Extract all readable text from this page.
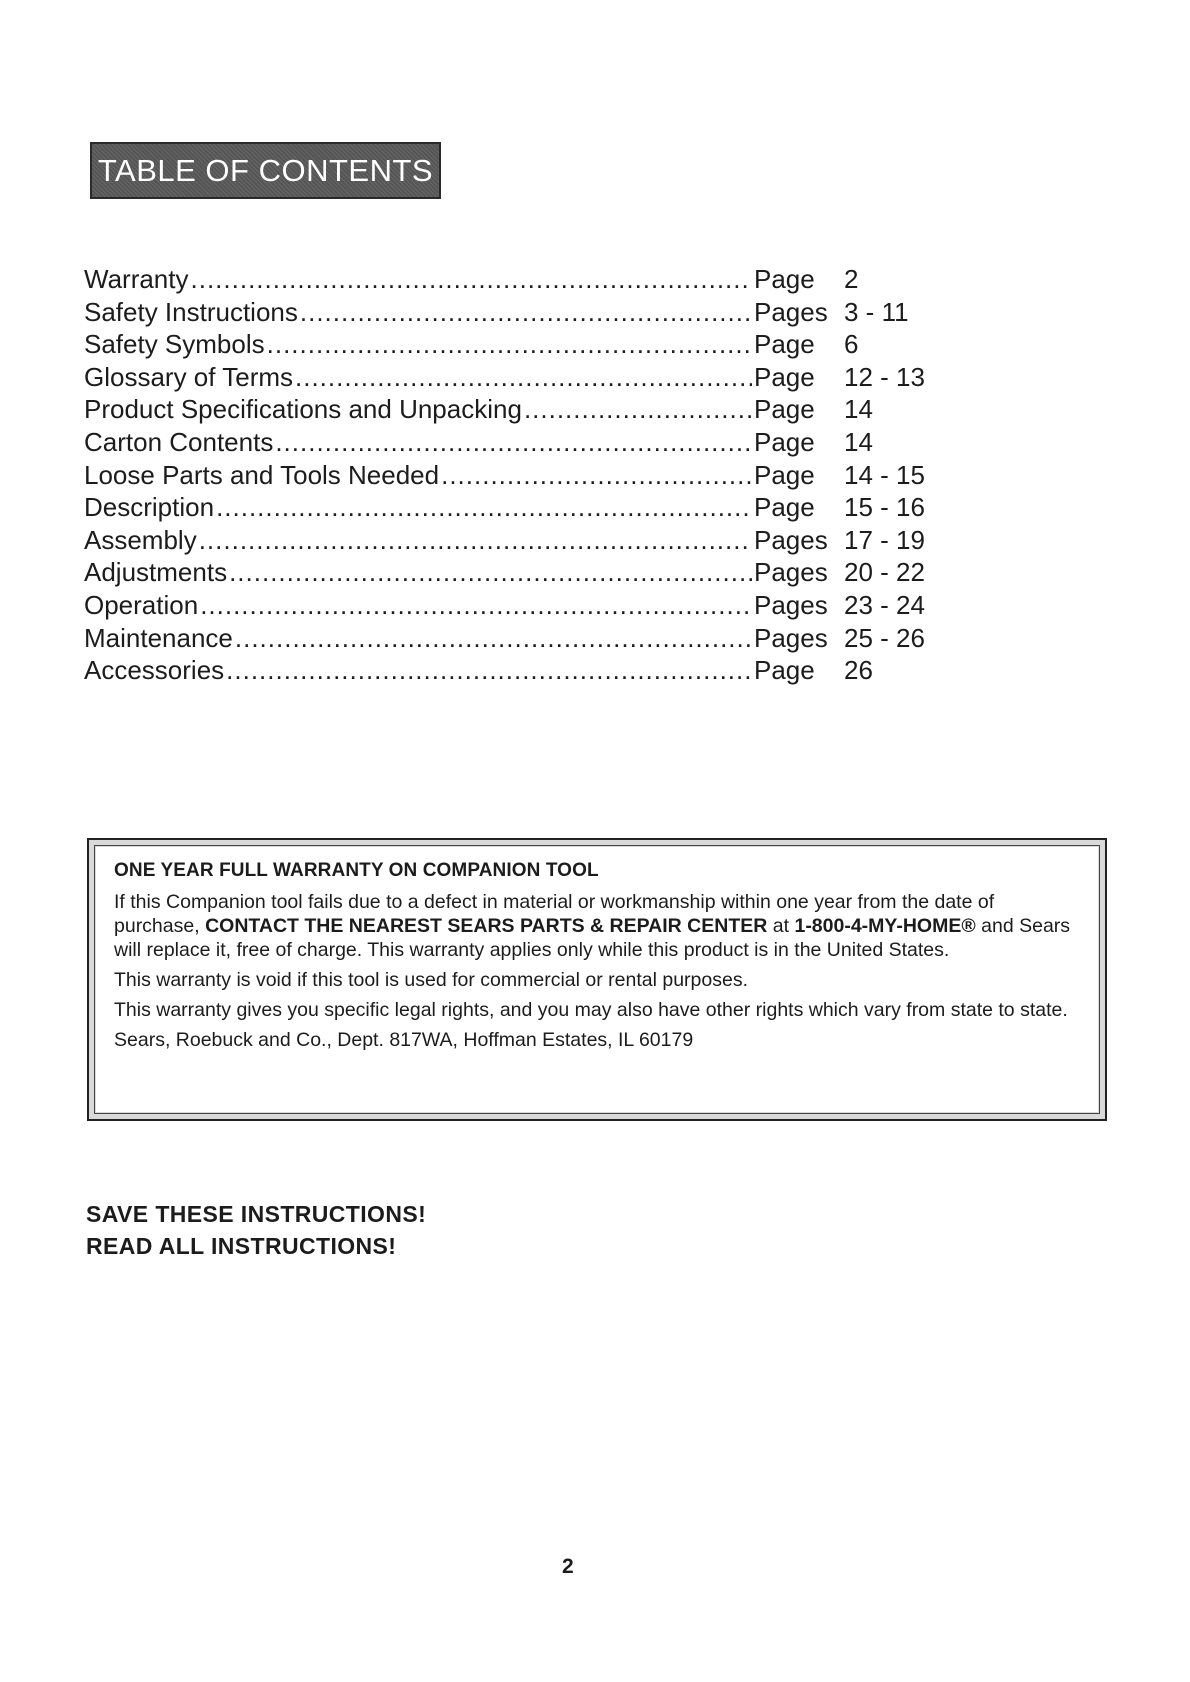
TABLE OF CONTENTS
Warranty .....	Page	2
Safety Instructions .....	Pages 3 - 11
Safety Symbols .....	Page	6
Glossary of Terms .....	Page	12 - 13
Product Specifications and Unpacking .....	Page	14
Carton Contents .....	Page	14
Loose Parts and Tools Needed .....	Page	14 - 15
Description .....	Page	15 - 16
Assembly .....	Pages 17 - 19
Adjustments .....	Pages 20 - 22
Operation .....	Pages 23 - 24
Maintenance .....	Pages 25 - 26
Accessories .....	Page	26
ONE YEAR FULL WARRANTY ON COMPANION TOOL

If this Companion tool fails due to a defect in material or workmanship within one year from the date of purchase, CONTACT THE NEAREST SEARS PARTS & REPAIR CENTER at 1-800-4-MY-HOME® and Sears will replace it, free of charge. This warranty applies only while this product is in the United States.

This warranty is void if this tool is used for commercial or rental purposes.

This warranty gives you specific legal rights, and you may also have other rights which vary from state to state.

Sears, Roebuck and Co., Dept. 817WA, Hoffman Estates, IL 60179

SAVE THESE INSTRUCTIONS!
READ ALL INSTRUCTIONS!
2
